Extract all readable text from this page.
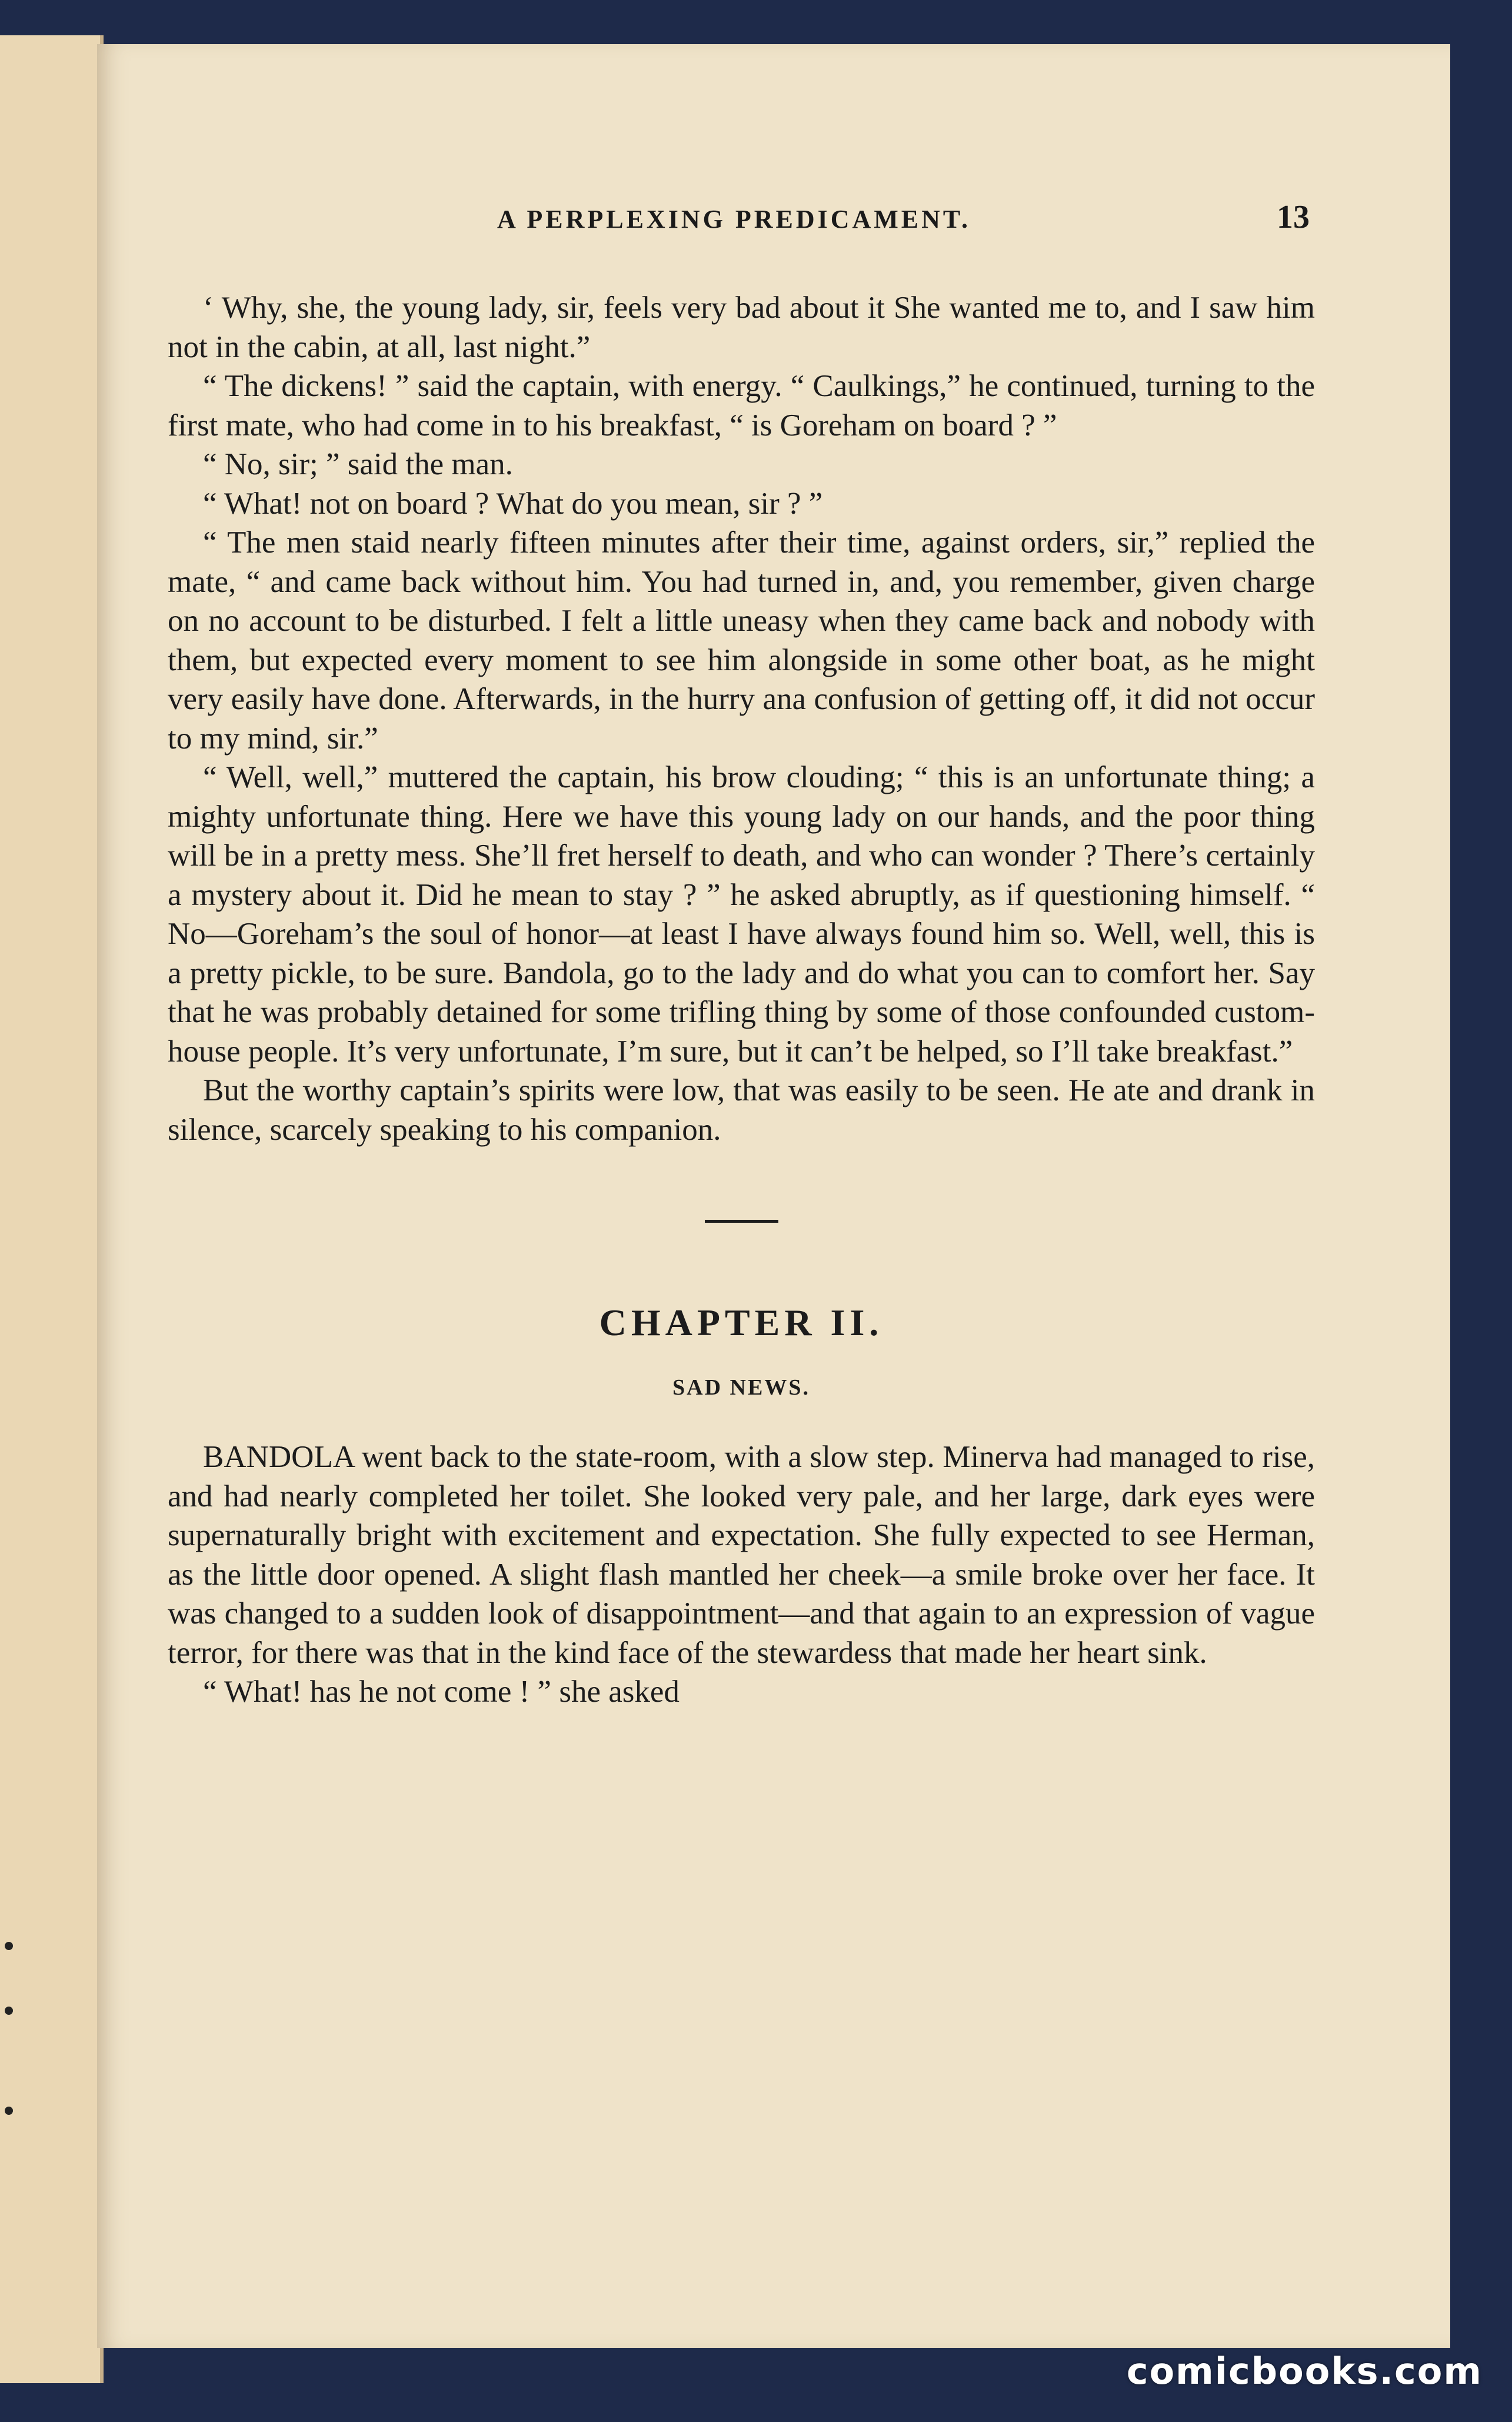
A PERPLEXING PREDICAMENT.	13

‘ Why, she, the young lady, sir, feels very bad about it She wanted me to, and I saw him not in the cabin, at all, last night.”

“ The dickens! ” said the captain, with energy. “ Caulkings,” he continued, turning to the first mate, who had come in to his breakfast, “ is Goreham on board ? ”

“ No, sir; ” said the man.

“ What! not on board ? What do you mean, sir ? ”

“ The men staid nearly fifteen minutes after their time, against orders, sir,” replied the mate, “ and came back without him. You had turned in, and, you remember, given charge on no account to be disturbed. I felt a little uneasy when they came back and nobody with them, but expected every moment to see him alongside in some other boat, as he might very easily have done. Afterwards, in the hurry ana confusion of getting off, it did not occur to my mind, sir.”

“ Well, well,” muttered the captain, his brow clouding; “ this is an unfortunate thing; a mighty unfortunate thing. Here we have this young lady on our hands, and the poor thing will be in a pretty mess. She’ll fret herself to death, and who can wonder ? There’s certainly a mystery about it. Did he mean to stay ? ” he asked abruptly, as if questioning himself. “ No—Goreham’s the soul of honor—at least I have always found him so. Well, well, this is a pretty pickle, to be sure. Bandola, go to the lady and do what you can to comfort her. Say that he was probably detained for some trifling thing by some of those confounded custom-house people. It’s very unfortunate, I’m sure, but it can’t be helped, so I’ll take breakfast.”

But the worthy captain’s spirits were low, that was easily to be seen. He ate and drank in silence, scarcely speaking to his companion.

CHAPTER II.
SAD NEWS.

BANDOLA went back to the state-room, with a slow step. Minerva had managed to rise, and had nearly completed her toilet. She looked very pale, and her large, dark eyes were supernaturally bright with excitement and expectation. She fully expected to see Herman, as the little door opened. A slight flash mantled her cheek—a smile broke over her face. It was changed to a sudden look of disappointment—and that again to an expression of vague terror, for there was that in the kind face of the stewardess that made her heart sink.

“ What! has he not come ! ” she asked

comicbooks.com
